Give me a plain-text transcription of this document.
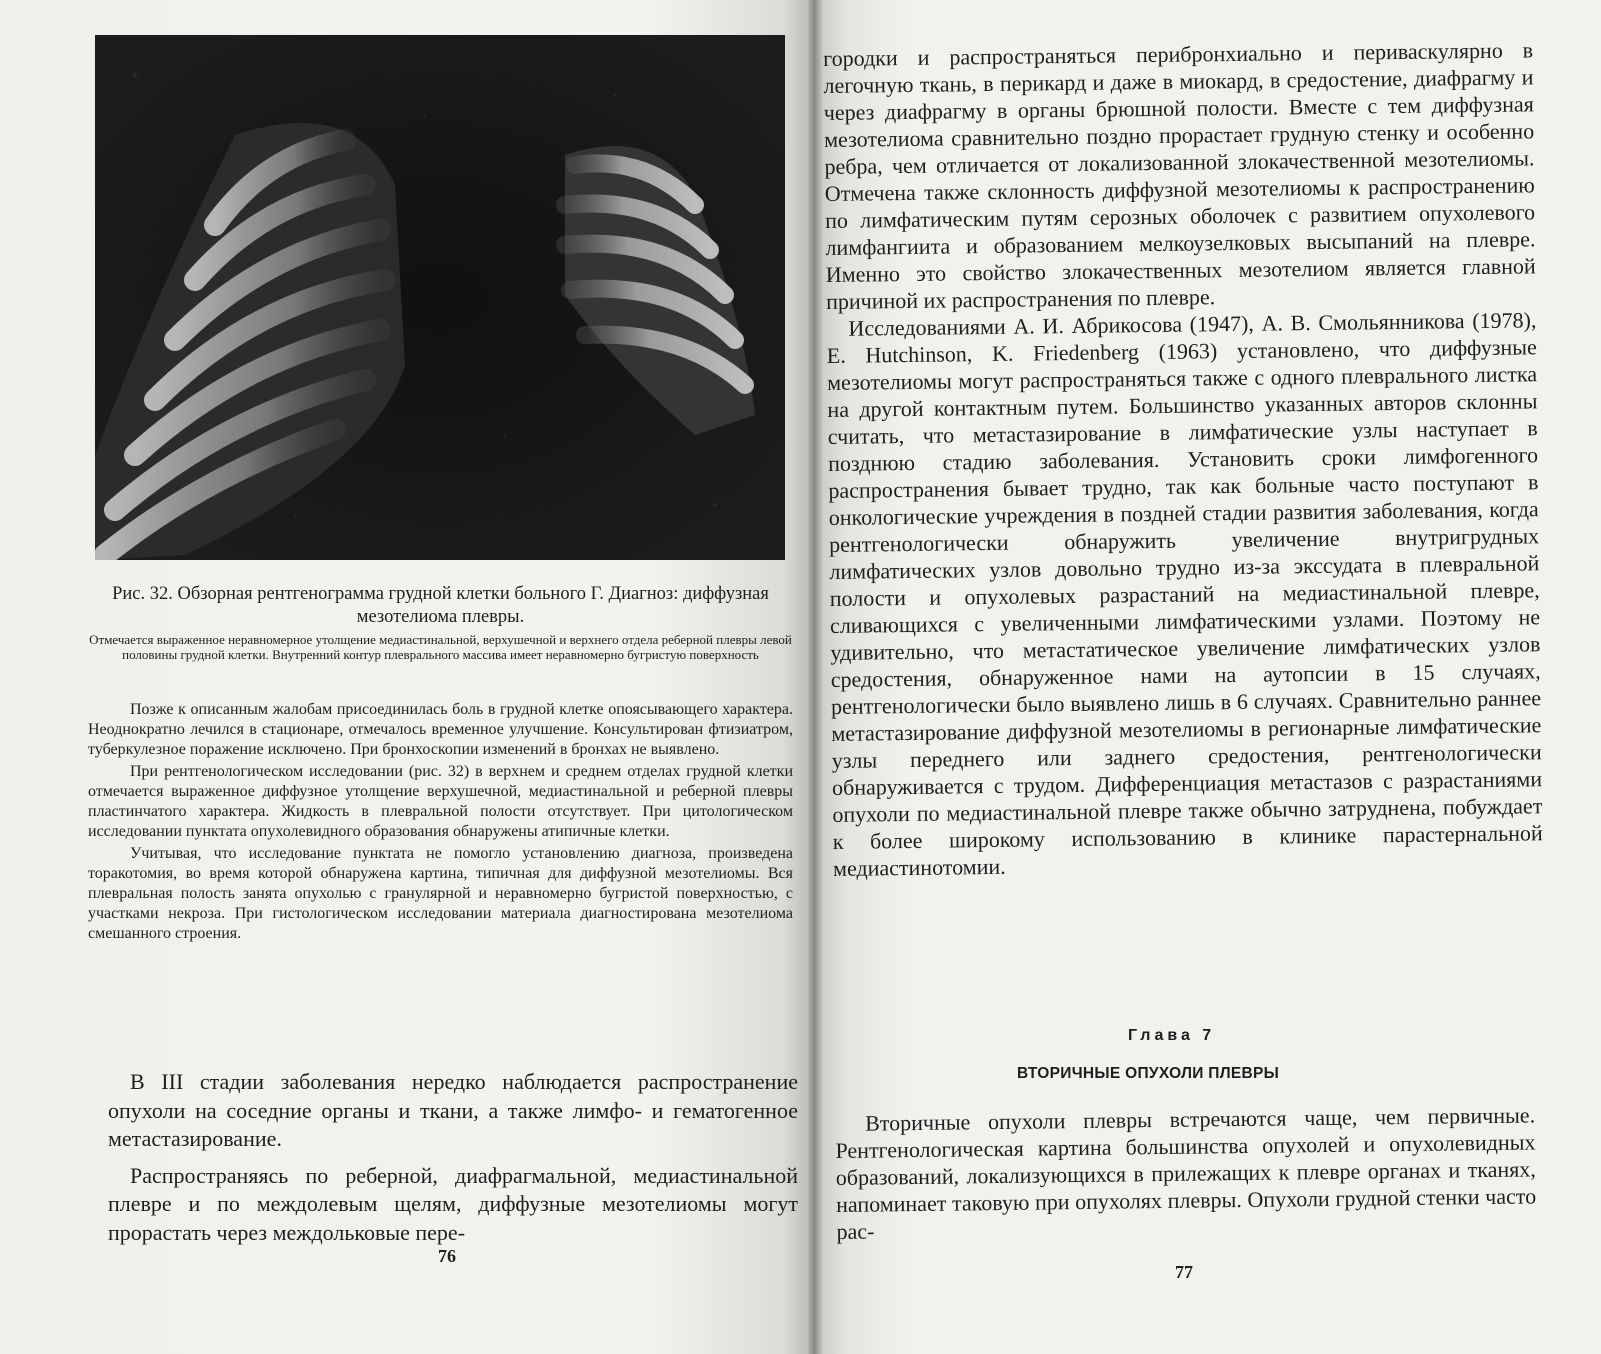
Рис. 32. Обзорная рентгенограмма грудной клетки больного Г. Диагноз: диффузная мезотелиома плевры.

Отмечается выраженное неравномерное утолщение медиастинальной, верхушечной и верхнего отдела реберной плевры левой половины грудной клетки. Внутренний контур плеврального массива имеет неравномерно бугристую поверхность

Позже к описанным жалобам присоединилась боль в грудной клетке опоясывающего характера. Неоднократно лечился в стационаре, отмечалось временное улучшение. Консультирован фтизиатром, туберкулезное поражение исключено. При бронхоскопии изменений в бронхах не выявлено.

При рентгенологическом исследовании (рис. 32) в верхнем и среднем отделах грудной клетки отмечается выраженное диффузное утолщение верхушечной, медиастинальной и реберной плевры пластинчатого характера. Жидкость в плевральной полости отсутствует. При цитологическом исследовании пунктата опухолевидного образования обнаружены атипичные клетки.

Учитывая, что исследование пунктата не помогло установлению диагноза, произведена торакотомия, во время которой обнаружена картина, типичная для диффузной мезотелиомы. Вся плевральная полость занята опухолью с гранулярной и неравномерно бугристой поверхностью, с участками некроза. При гистологическом исследовании материала диагностирована мезотелиома смешанного строения.

В III стадии заболевания нередко наблюдается распространение опухоли на соседние органы и ткани, а также лимфо- и гематогенное метастазирование.

Распространяясь по реберной, диафрагмальной, медиастинальной плевре и по междолевым щелям, диффузные мезотелиомы могут прорастать через междольковые пере-

76

городки и распространяться перибронхиально и периваскулярно в легочную ткань, в перикард и даже в миокард, в средостение, диафрагму и через диафрагму в органы брюшной полости. Вместе с тем диффузная мезотелиома сравнительно поздно прорастает грудную стенку и особенно ребра, чем отличается от локализованной злокачественной мезотелиомы. Отмечена также склонность диффузной мезотелиомы к распространению по лимфатическим путям серозных оболочек с развитием опухолевого лимфангиита и образованием мелкоузелковых высыпаний на плевре. Именно это свойство злокачественных мезотелиом является главной причиной их распространения по плевре.

Исследованиями А. И. Абрикосова (1947), А. В. Смольянникова (1978), E. Hutchinson, K. Friedenberg (1963) установлено, что диффузные мезотелиомы могут распространяться также с одного плеврального листка на другой контактным путем. Большинство указанных авторов склонны считать, что метастазирование в лимфатические узлы наступает в позднюю стадию заболевания. Установить сроки лимфогенного распространения бывает трудно, так как больные часто поступают в онкологические учреждения в поздней стадии развития заболевания, когда рентгенологически обнаружить увеличение внутригрудных лимфатических узлов довольно трудно из-за экссудата в плевральной полости и опухолевых разрастаний на медиастинальной плевре, сливающихся с увеличенными лимфатическими узлами. Поэтому не удивительно, что метастатическое увеличение лимфатических узлов средостения, обнаруженное нами на аутопсии в 15 случаях, рентгенологически было выявлено лишь в 6 случаях. Сравнительно раннее метастазирование диффузной мезотелиомы в регионарные лимфатические узлы переднего или заднего средостения, рентгенологически обнаруживается с трудом. Дифференциация метастазов с разрастаниями опухоли по медиастинальной плевре также обычно затруднена, побуждает к более широкому использованию в клинике парастернальной медиастинотомии.

Глава 7

ВТОРИЧНЫЕ ОПУХОЛИ ПЛЕВРЫ

Вторичные опухоли плевры встречаются чаще, чем первичные. Рентгенологическая картина большинства опухолей и опухолевидных образований, локализующихся в прилежащих к плевре органах и тканях, напоминает таковую при опухолях плевры. Опухоли грудной стенки часто рас-

77
